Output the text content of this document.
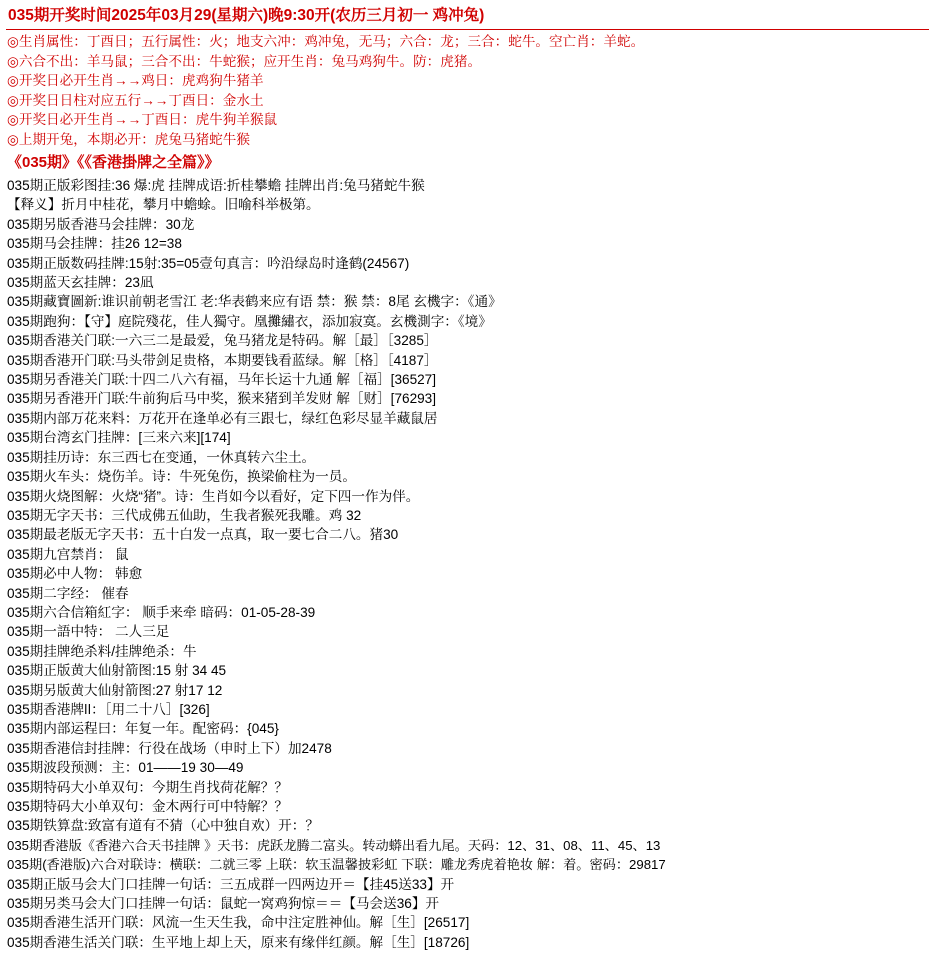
035期开奖时间2025年03月29(星期六)晚9:30开(农历三月初一 鸡冲兔)
◎生肖属性：丁酉日；五行属性：火；地支六冲：鸡冲兔，无马；六合：龙；三合：蛇牛。空亡肖：羊蛇。
◎六合不出：羊马鼠；三合不出：牛蛇猴；应开生肖：兔马鸡狗牛。防：虎猪。
◎开奖日必开生肖→→鸡日：虎鸡狗牛猪羊
◎开奖日日柱对应五行→→丁酉日：金水土
◎开奖日必开生肖→→丁酉日：虎牛狗羊猴鼠
◎上期开兔，本期必开：虎兔马猪蛇牛猴
《035期》《《香港掛牌之全篇》》
035期正版彩图挂:36 爆:虎 挂牌成语:折桂攀蟾 挂牌出肖:兔马猪蛇牛猴
【释义】折月中桂花，攀月中蟾蜍。旧喻科举极第。
035期另版香港马会挂牌：30龙
035期马会挂牌：挂26 12=38
035期正版数码挂牌:15射:35=05壹句真言：吟沿绿岛时逢鹤(24567)
035期蓝天玄挂牌：23凪
035期藏寶圖新:谁识前朝老雪江 老:华表鹤来应有语 禁：猴 禁：8尾 玄機字：《通》
035期跑狗：【守】庭院殘花，佳人獨守。凰攤繡衣，添加寂寞。玄機測字：《境》
035期香港关门联:一六三二是最爱，兔马猪龙是特码。解［最］［3285］
035期香港开门联:马头带剑足贵格，本期要钱看蓝绿。解［格］［4187］
035期另香港关门联:十四二八六有福，马年长运十九通 解［福］[36527]
035期另香港开门联:牛前狗后马中奖，猴来猪到羊发财 解［财］[76293]
035期内部万花来料：万花开在逢单必有三跟七，绿红色彩尽显羊藏鼠居
035期台湾玄门挂牌：[三来六来][174]
035期挂历诗：东三西七在变通，一休真转六尘土。
035期火车头：烧伤羊。诗：牛死兔伤，换梁偷柱为一员。
035期火烧图解：火烧“猪”。诗：生肖如今以看好，定下四一作为伴。
035期无字天书：三代成佛五仙助，生我者猴死我雕。鸡 32
035期最老版无字天书：五十白发一点真，取一要七合二八。猪30
035期九宫禁肖： 鼠
035期必中人物： 韩愈
035期二字经： 催春
035期六合信箱紅字： 顺手来牵 暗码：01-05-28-39
035期一語中特： 二人三足
035期挂牌绝杀料/挂牌绝杀：牛
035期正版黄大仙射箭图:15 射 34 45
035期另版黄大仙射箭图:27 射17 12
035期香港牌ǀǀ：［用二十八］[326]
035期内部运程曰：年复一年。配密码：{045}
035期香港信封挂牌：行役在战场（申时上下）加2478
035期波段预测：主：01——19 30—49
035期特码大小单双句：今期生肖找荷花解？？
035期特码大小单双句：金木两行可中特解？？
035期铁算盘:致富有道有不猜（心中独自欢）开：？
035期香港版《香港六合天书挂牌 》天书：虎跃龙腾二富头。转动蟒出看九尾。天码：12、31、08、11、45、13
035期(香港版)六合对联诗：横联：二就三零 上联：软玉温馨披彩虹 下联：雕龙秀虎着艳妆 解：着。密码：29817
035期正版马会大门口挂牌一句话：三五成群一四两边开＝【挂45送33】开
035期另类马会大门口挂牌一句话：鼠蛇一窝鸡狗惊＝＝【马会送36】开
035期香港生活开门联：风流一生天生我，命中注定胜神仙。解［生］[26517]
035期香港生活关门联：生平地上却上天，原来有缘伴红颜。解［生］[18726]
